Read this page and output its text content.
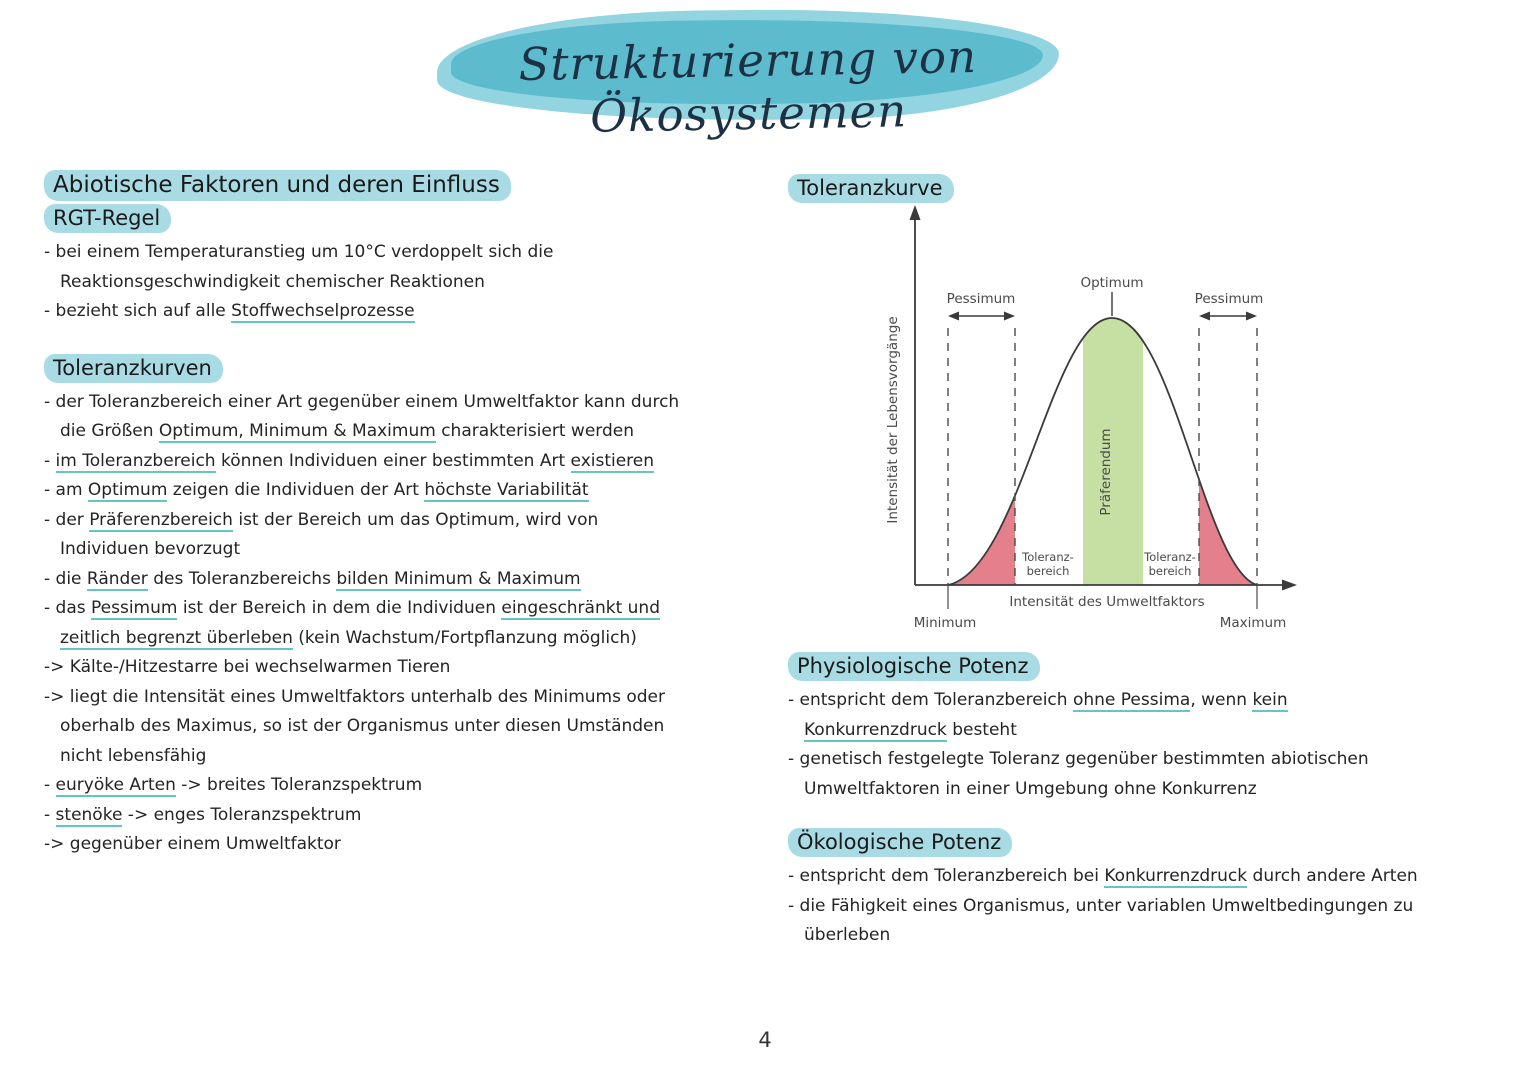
Strukturierung von Ökosystemen
Abiotische Faktoren und deren Einfluss
RGT-Regel
- bei einem Temperaturanstieg um 10°C verdoppelt sich die
Reaktionsgeschwindigkeit chemischer Reaktionen
- bezieht sich auf alle Stoffwechselprozesse
Toleranzkurven
- der Toleranzbereich einer Art gegenüber einem Umweltfaktor kann durch
die Größen Optimum, Minimum & Maximum charakterisiert werden
- im Toleranzbereich können Individuen einer bestimmten Art existieren
- am Optimum zeigen die Individuen der Art höchste Variabilität
- der Präferenzbereich ist der Bereich um das Optimum, wird von
Individuen bevorzugt
- die Ränder des Toleranzbereichs bilden Minimum & Maximum
- das Pessimum ist der Bereich in dem die Individuen eingeschränkt und
zeitlich begrenzt überleben (kein Wachstum/Fortpflanzung möglich)
-> Kälte-/Hitzestarre bei wechselwarmen Tieren
-> liegt die Intensität eines Umweltfaktors unterhalb des Minimums oder
oberhalb des Maximus, so ist der Organismus unter diesen Umständen
nicht lebensfähig
- euryöke Arten -> breites Toleranzspektrum
- stenöke -> enges Toleranzspektrum
-> gegenüber einem Umweltfaktor
Toleranzkurve
Pessimum
Optimum
Pessimum
Präferendum
Toleranz-
bereich
Toleranz-
bereich
Intensität des Umweltfaktors
Minimum	Maximum
Intensität der Lebensvorgänge
Physiologische Potenz
- entspricht dem Toleranzbereich ohne Pessima, wenn kein
Konkurrenzdruck besteht
- genetisch festgelegte Toleranz gegenüber bestimmten abiotischen
Umweltfaktoren in einer Umgebung ohne Konkurrenz
Ökologische Potenz
- entspricht dem Toleranzbereich bei Konkurrenzdruck durch andere Arten
- die Fähigkeit eines Organismus, unter variablen Umweltbedingungen zu
überleben
4
